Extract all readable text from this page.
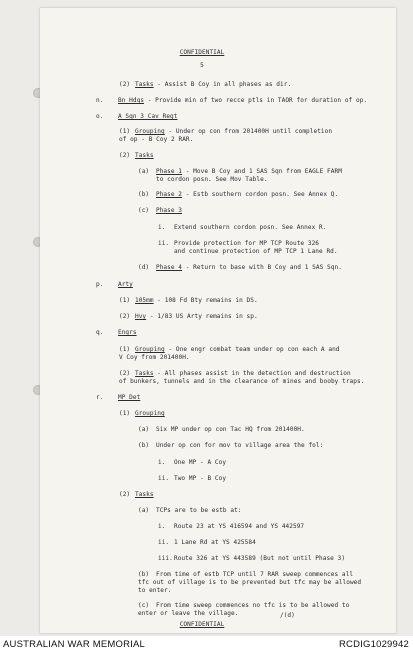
CONFIDENTIAL
5
(2) Tasks - Assist B Coy in all phases as dir.
n. Bn Hdqs - Provide min of two recce ptls in TAOR for duration of op.
o. A Sqn 3 Cav Regt
(1) Grouping - Under op con from 201400H until completion
of op - B Coy 2 RAR.
(2) Tasks
(a) Phase 1 - Move B Coy and 1 SAS Sqn from EAGLE FARM
to cordon posn. See Mov Table.
(b) Phase 2 - Estb southern cordon posn. See Annex Q.
(c) Phase 3
i. Extend southern cordon posn. See Annex R.
ii. Provide protection for MP TCP Route 326
and continue protection of MP TCP 1 Lane Rd.
(d) Phase 4 - Return to base with B Coy and 1 SAS Sqn.
p. Arty
(1) 105mm - 108 Fd Bty remains in DS.
(2) Hvy - 1/83 US Arty remains in sp.
q. Engrs
(1) Grouping - One engr combat team under op con each A and
V Coy from 201400H.
(2) Tasks - All phases assist in the detection and destruction
of bunkers, tunnels and in the clearance of mines and booby traps.
r. MP Det
(1) Grouping
(a) Six MP under op con Tac HQ from 201400H.
(b) Under op con for mov to village area the fol:
i. One MP - A Coy
ii. Two MP - B Coy
(2) Tasks
(a) TCPs are to be estb at:
i. Route 23 at YS 416594 and YS 442597
ii. 1 Lane Rd at YS 425584
iii. Route 326 at YS 443589 (But not until Phase 3)
(b) From time of estb TCP until 7 RAR sweep commences all
tfc out of village is to be prevented but tfc may be allowed
to enter.
(c) From time sweep commences no tfc is to be allowed to
enter or leave the village.	/(d)
CONFIDENTIAL
AUSTRALIAN WAR MEMORIAL	RCDIG1029942
